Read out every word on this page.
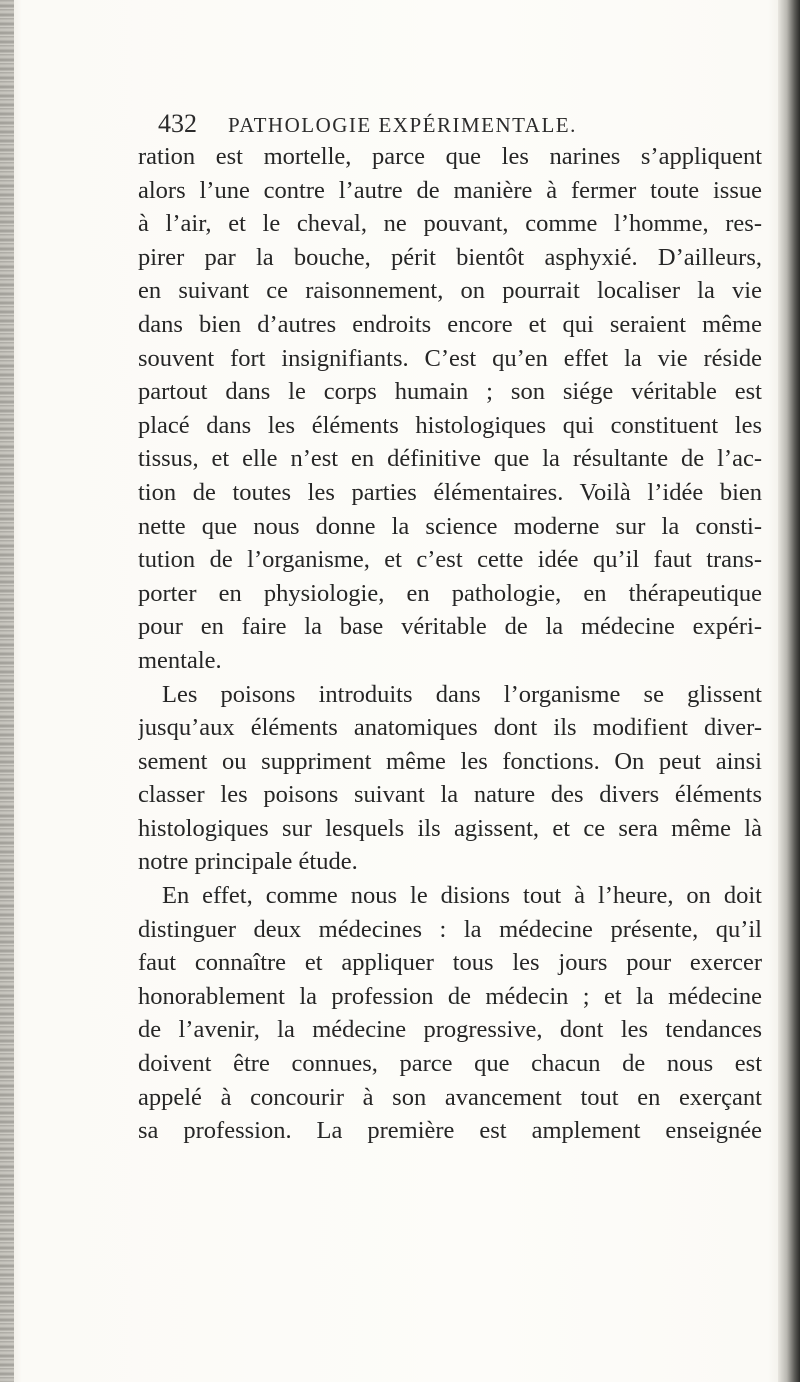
432 PATHOLOGIE EXPÉRIMENTALE.
ration est mortelle, parce que les narines s’appliquent
alors l’une contre l’autre de manière à fermer toute issue
à l’air, et le cheval, ne pouvant, comme l’homme, res-
pirer par la bouche, périt bientôt asphyxié. D’ailleurs,
en suivant ce raisonnement, on pourrait localiser la vie
dans bien d’autres endroits encore et qui seraient même
souvent fort insignifiants. C’est qu’en effet la vie réside
partout dans le corps humain ; son siége véritable est
placé dans les éléments histologiques qui constituent les
tissus, et elle n’est en définitive que la résultante de l’ac-
tion de toutes les parties élémentaires. Voilà l’idée bien
nette que nous donne la science moderne sur la consti-
tution de l’organisme, et c’est cette idée qu’il faut trans-
porter en physiologie, en pathologie, en thérapeutique
pour en faire la base véritable de la médecine expéri-
mentale.
Les poisons introduits dans l’organisme se glissent
jusqu’aux éléments anatomiques dont ils modifient diver-
sement ou suppriment même les fonctions. On peut ainsi
classer les poisons suivant la nature des divers éléments
histologiques sur lesquels ils agissent, et ce sera même là
notre principale étude.
En effet, comme nous le disions tout à l’heure, on doit
distinguer deux médecines : la médecine présente, qu’il
faut connaître et appliquer tous les jours pour exercer
honorablement la profession de médecin ; et la médecine
de l’avenir, la médecine progressive, dont les tendances
doivent être connues, parce que chacun de nous est
appelé à concourir à son avancement tout en exerçant
sa profession. La première est amplement enseignée
